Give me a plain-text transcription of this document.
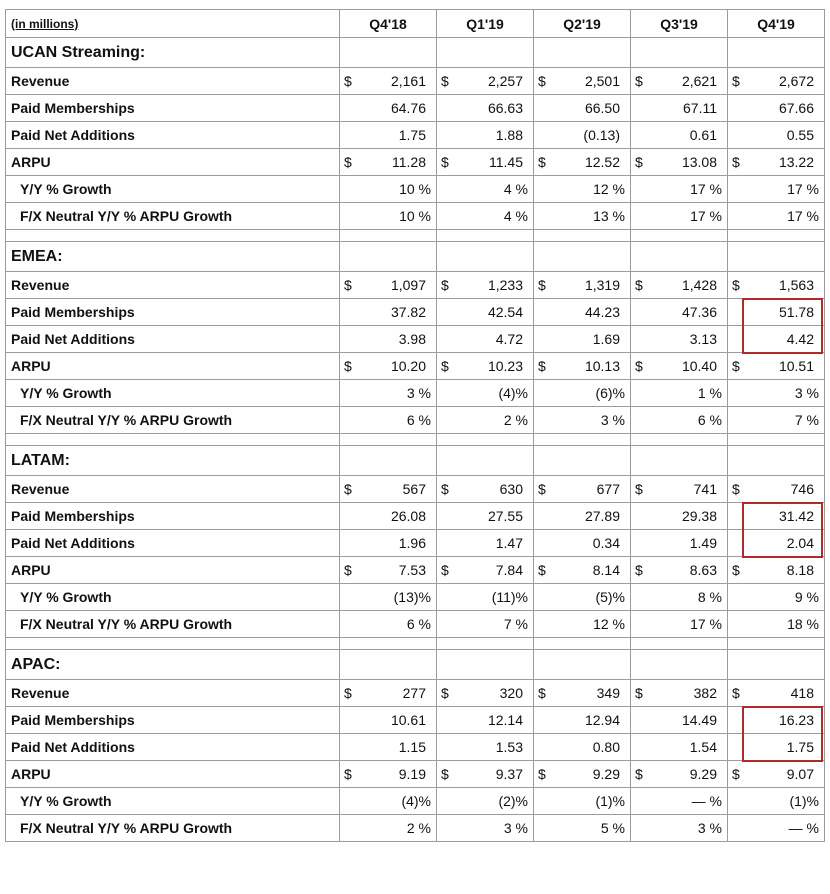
(in millions)	Q4'18	Q1'19	Q2'19	Q3'19	Q4'19
UCAN Streaming:					
Revenue	$ 2,161	$ 2,257	$ 2,501	$ 2,621	$ 2,672
Paid Memberships	64.76	66.63	66.50	67.11	67.66
Paid Net Additions	1.75	1.88	(0.13)	0.61	0.55
ARPU	$ 11.28	$ 11.45	$ 12.52	$ 13.08	$ 13.22
Y/Y % Growth	10 %	4 %	12 %	17 %	17 %
F/X Neutral Y/Y % ARPU Growth	10 %	4 %	13 %	17 %	17 %

EMEA:					
Revenue	$ 1,097	$ 1,233	$ 1,319	$ 1,428	$ 1,563
Paid Memberships	37.82	42.54	44.23	47.36	51.78
Paid Net Additions	3.98	4.72	1.69	3.13	4.42
ARPU	$ 10.20	$ 10.23	$ 10.13	$ 10.40	$ 10.51
Y/Y % Growth	3 %	(4)%	(6)%	1 %	3 %
F/X Neutral Y/Y % ARPU Growth	6 %	2 %	3 %	6 %	7 %

LATAM:					
Revenue	$ 567	$ 630	$ 677	$ 741	$ 746
Paid Memberships	26.08	27.55	27.89	29.38	31.42
Paid Net Additions	1.96	1.47	0.34	1.49	2.04
ARPU	$ 7.53	$ 7.84	$ 8.14	$ 8.63	$ 8.18
Y/Y % Growth	(13)%	(11)%	(5)%	8 %	9 %
F/X Neutral Y/Y % ARPU Growth	6 %	7 %	12 %	17 %	18 %

APAC:					
Revenue	$ 277	$ 320	$ 349	$ 382	$ 418
Paid Memberships	10.61	12.14	12.94	14.49	16.23
Paid Net Additions	1.15	1.53	0.80	1.54	1.75
ARPU	$ 9.19	$ 9.37	$ 9.29	$ 9.29	$ 9.07
Y/Y % Growth	(4)%	(2)%	(1)%	— %	(1)%
F/X Neutral Y/Y % ARPU Growth	2 %	3 %	5 %	3 %	— %
